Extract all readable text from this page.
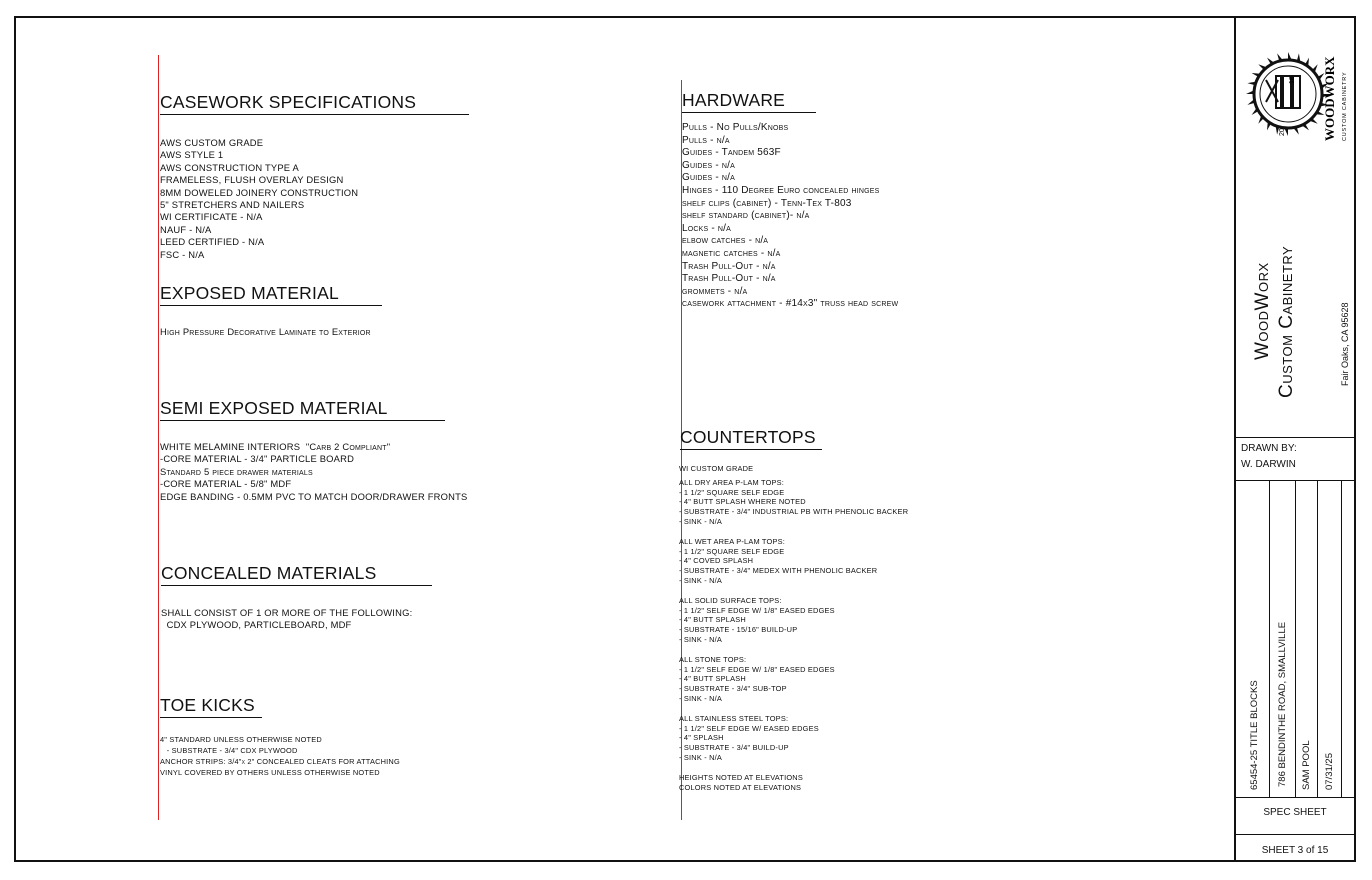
CASEWORK SPECIFICATIONS
AWS CUSTOM GRADE
AWS STYLE 1
AWS CONSTRUCTION TYPE A
FRAMELESS, FLUSH OVERLAY DESIGN
8MM DOWELED JOINERY CONSTRUCTION
5" STRETCHERS AND NAILERS
WI CERTIFICATE - N/A
NAUF - N/A
LEED CERTIFIED - N/A
FSC - N/A
EXPOSED MATERIAL
High Pressure Decorative Laminate to Exterior
SEMI EXPOSED MATERIAL
WHITE MELAMINE INTERIORS  "Carb 2 Compliant"
-CORE MATERIAL - 3/4" PARTICLE BOARD
Standard 5 piece drawer materials
-CORE MATERIAL - 5/8" MDF
EDGE BANDING - 0.5MM PVC TO MATCH DOOR/DRAWER FRONTS
CONCEALED MATERIALS
SHALL CONSIST OF 1 OR MORE OF THE FOLLOWING:
CDX PLYWOOD, PARTICLEBOARD, MDF
TOE KICKS
4" STANDARD UNLESS OTHERWISE NOTED
- SUBSTRATE - 3/4" CDX PLYWOOD
ANCHOR STRIPS: 3/4"x 2" CONCEALED CLEATS FOR ATTACHING
VINYL COVERED BY OTHERS UNLESS OTHERWISE NOTED
HARDWARE
Pulls - No Pulls/Knobs
Pulls - n/a
Guides - Tandem 563F
Guides - n/a
Guides - n/a
Hinges - 110 Degree Euro concealed hinges
shelf clips (cabinet) - Tenn-Tex T-803
shelf standard (cabinet)- n/a
Locks - n/a
elbow catches - n/a
magnetic catches - n/a
Trash Pull-Out - n/a
Trash Pull-Out - n/a
grommets - n/a
casework attachment - #14x3" truss head screw
COUNTERTOPS
WI CUSTOM GRADE
ALL DRY AREA P-LAM TOPS:
- 1 1/2" SQUARE SELF EDGE
- 4" BUTT SPLASH WHERE NOTED
- SUBSTRATE - 3/4" INDUSTRIAL PB WITH PHENOLIC BACKER
- SINK - N/A
ALL WET AREA P-LAM TOPS:
- 1 1/2" SQUARE SELF EDGE
- 4" COVED SPLASH
- SUBSTRATE - 3/4" MEDEX WITH PHENOLIC BACKER
- SINK - N/A
ALL SOLID SURFACE TOPS:
- 1 1/2" SELF EDGE W/ 1/8" EASED EDGES
- 4" BUTT SPLASH
- SUBSTRATE - 15/16" BUILD-UP
- SINK - N/A
ALL STONE TOPS:
- 1 1/2" SELF EDGE W/ 1/8" EASED EDGES
- 4" BUTT SPLASH
- SUBSTRATE - 3/4" SUB-TOP
- SINK - N/A
ALL STAINLESS STEEL TOPS:
- 1 1/2" SELF EDGE W/ EASED EDGES
- 4" SPLASH
- SUBSTRATE - 3/4" BUILD-UP
- SINK - N/A
HEIGHTS NOTED AT ELEVATIONS
COLORS NOTED AT ELEVATIONS
20
18 WOODWORX CUSTOM CABINETRY
WoodWorx Custom Cabinetry	Fair Oaks, CA 95628
DRAWN BY:
W. DARWIN
65454-25 TITLE BLOCKS 786 BENDINTHE ROAD, SMALLVILLE SAM POOL 07/31/25
SPEC SHEET
SHEET 3 of 15
